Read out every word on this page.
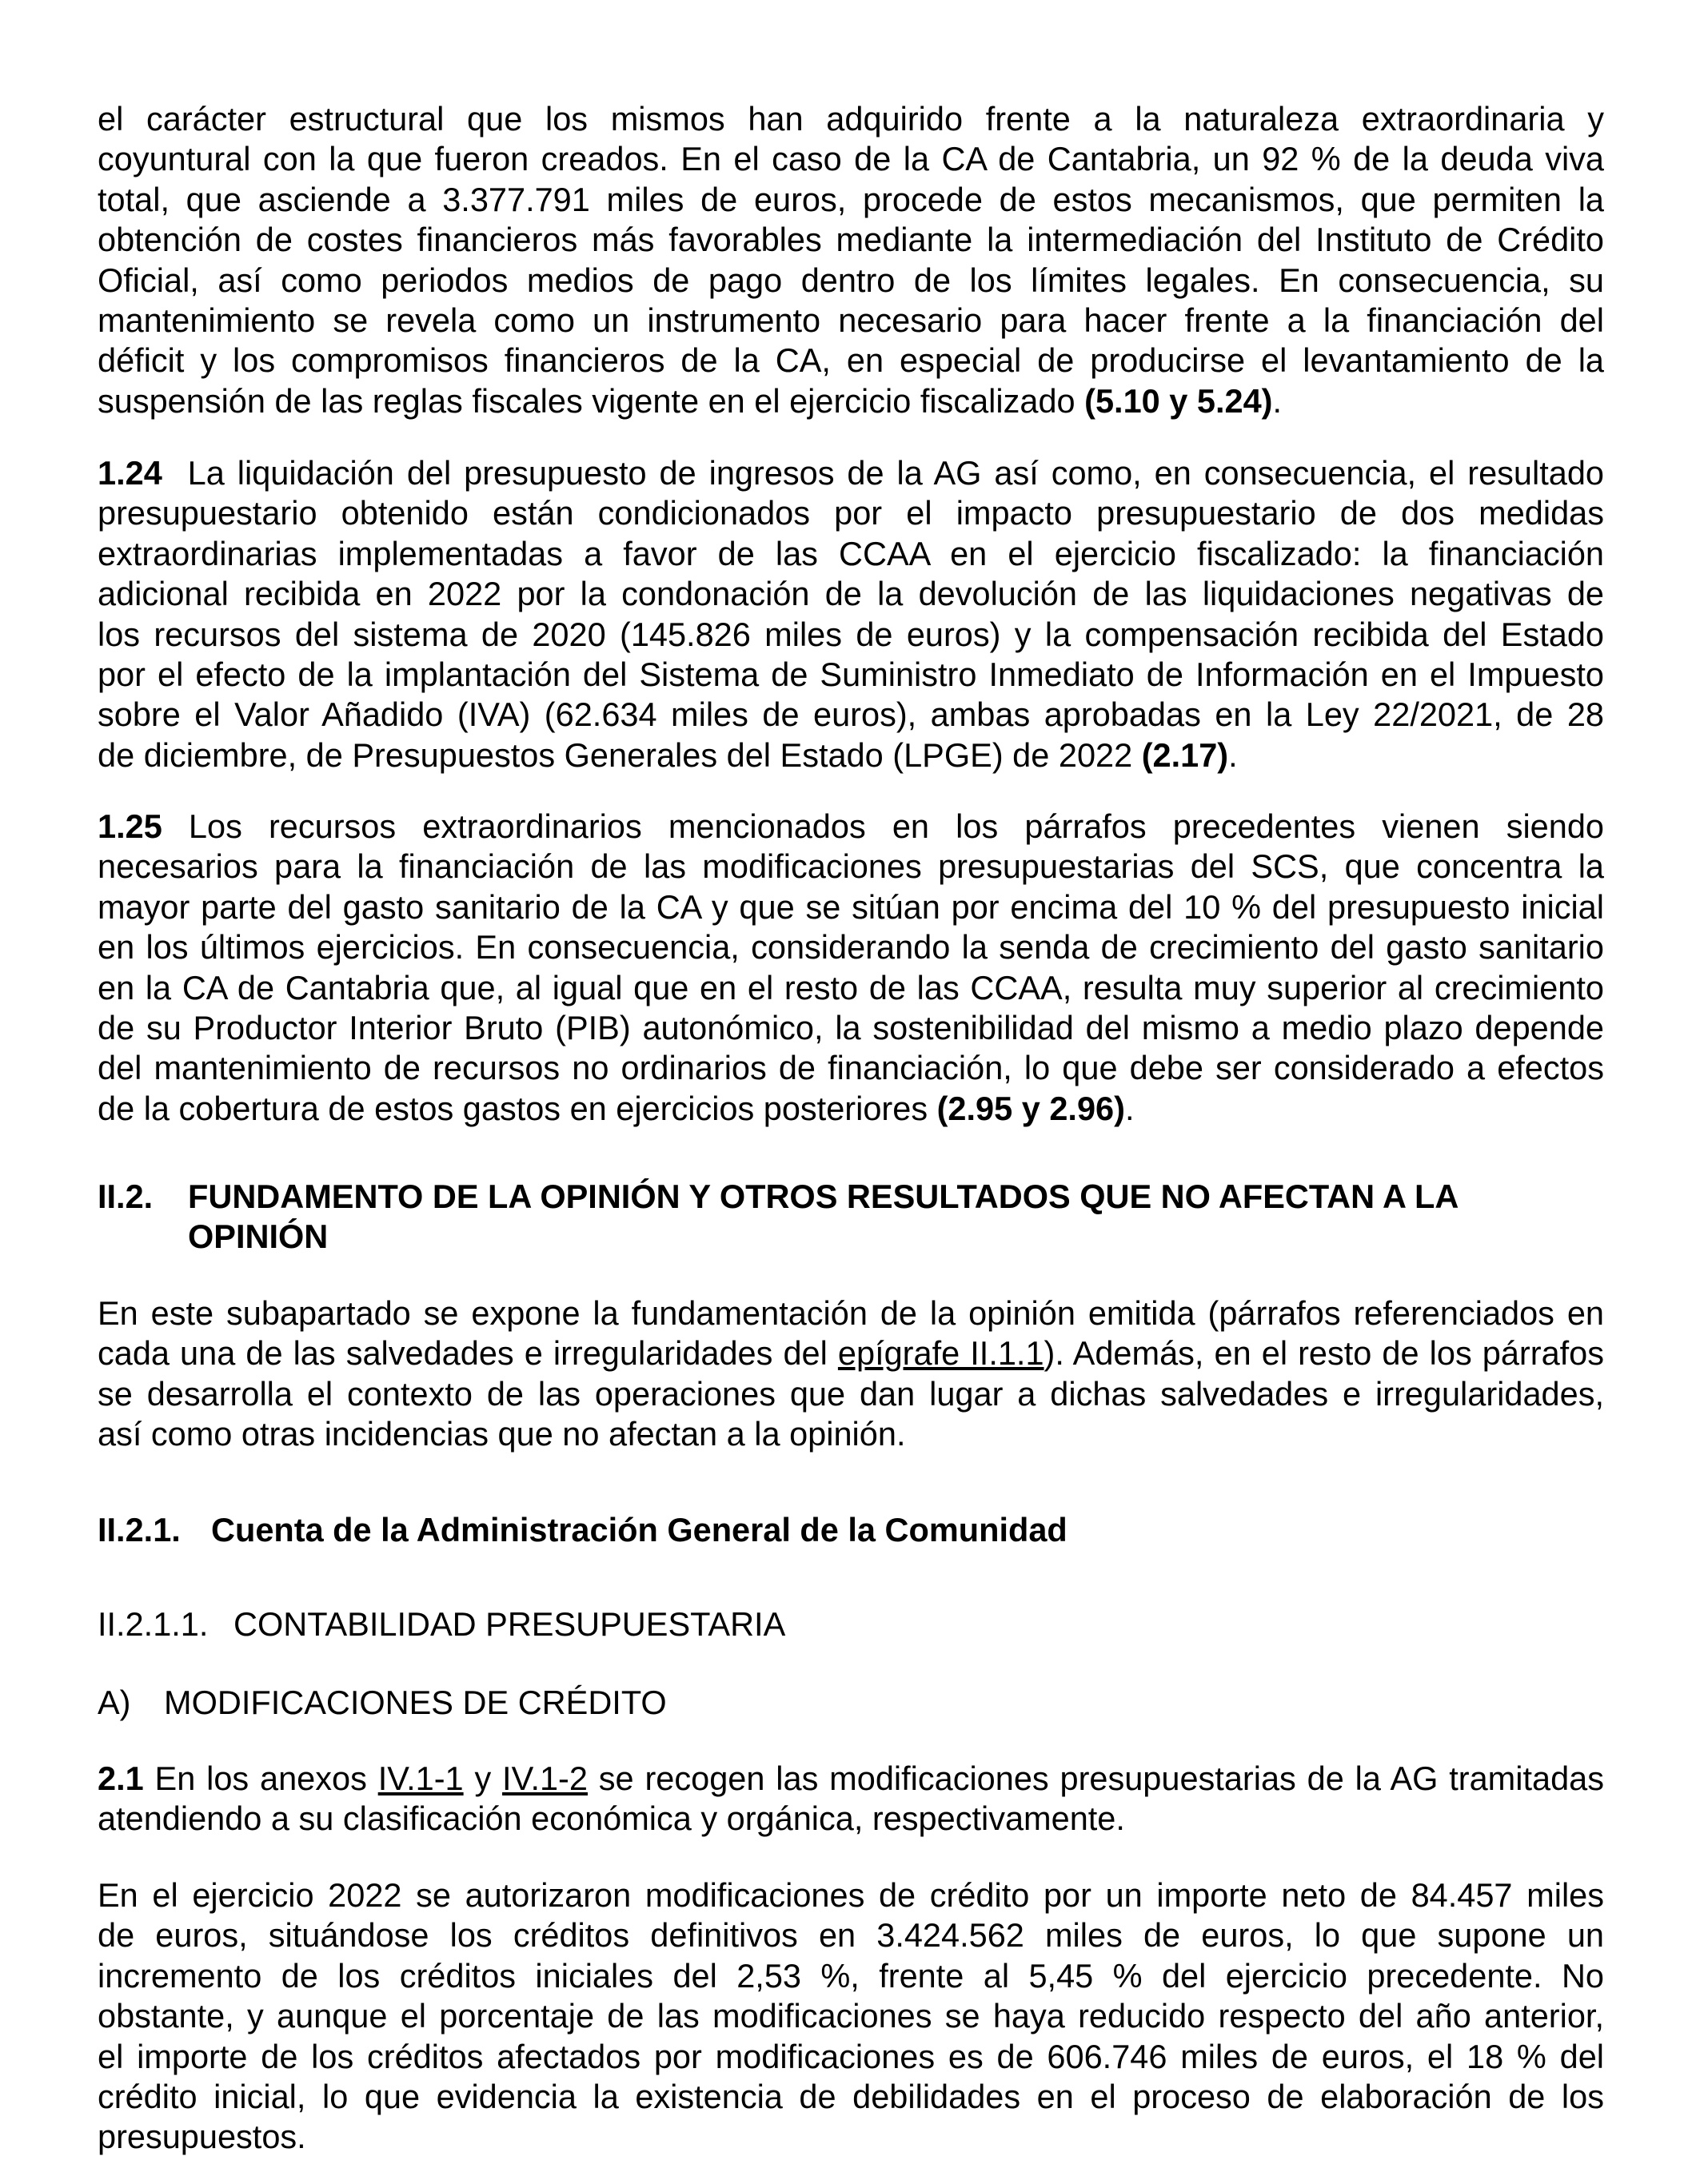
el carácter estructural que los mismos han adquirido frente a la naturaleza extraordinaria y
coyuntural con la que fueron creados. En el caso de la CA de Cantabria, un 92 % de la deuda viva
total, que asciende a 3.377.791 miles de euros, procede de estos mecanismos, que permiten la
obtención de costes financieros más favorables mediante la intermediación del Instituto de Crédito
Oficial, así como periodos medios de pago dentro de los límites legales. En consecuencia, su
mantenimiento se revela como un instrumento necesario para hacer frente a la financiación del
déficit y los compromisos financieros de la CA, en especial de producirse el levantamiento de la
suspensión de las reglas fiscales vigente en el ejercicio fiscalizado (5.10 y 5.24).
1.24  La liquidación del presupuesto de ingresos de la AG así como, en consecuencia, el resultado
presupuestario obtenido están condicionados por el impacto presupuestario de dos medidas
extraordinarias implementadas a favor de las CCAA en el ejercicio fiscalizado: la financiación
adicional recibida en 2022 por la condonación de la devolución de las liquidaciones negativas de
los recursos del sistema de 2020 (145.826 miles de euros) y la compensación recibida del Estado
por el efecto de la implantación del Sistema de Suministro Inmediato de Información en el Impuesto
sobre el Valor Añadido (IVA) (62.634 miles de euros), ambas aprobadas en la Ley 22/2021, de 28
de diciembre, de Presupuestos Generales del Estado (LPGE) de 2022 (2.17).
1.25 Los recursos extraordinarios mencionados en los párrafos precedentes vienen siendo
necesarios para la financiación de las modificaciones presupuestarias del SCS, que concentra la
mayor parte del gasto sanitario de la CA y que se sitúan por encima del 10 % del presupuesto inicial
en los últimos ejercicios. En consecuencia, considerando la senda de crecimiento del gasto sanitario
en la CA de Cantabria que, al igual que en el resto de las CCAA, resulta muy superior al crecimiento
de su Productor Interior Bruto (PIB) autonómico, la sostenibilidad del mismo a medio plazo depende
del mantenimiento de recursos no ordinarios de financiación, lo que debe ser considerado a efectos
de la cobertura de estos gastos en ejercicios posteriores (2.95 y 2.96).
II.2. FUNDAMENTO DE LA OPINIÓN Y OTROS RESULTADOS QUE NO AFECTAN A LA OPINIÓN
En este subapartado se expone la fundamentación de la opinión emitida (párrafos referenciados en
cada una de las salvedades e irregularidades del epígrafe II.1.1). Además, en el resto de los párrafos
se desarrolla el contexto de las operaciones que dan lugar a dichas salvedades e irregularidades,
así como otras incidencias que no afectan a la opinión.
II.2.1. Cuenta de la Administración General de la Comunidad
II.2.1.1. CONTABILIDAD PRESUPUESTARIA
A) MODIFICACIONES DE CRÉDITO
2.1 En los anexos IV.1-1 y IV.1-2 se recogen las modificaciones presupuestarias de la AG tramitadas
atendiendo a su clasificación económica y orgánica, respectivamente.
En el ejercicio 2022 se autorizaron modificaciones de crédito por un importe neto de 84.457 miles
de euros, situándose los créditos definitivos en 3.424.562 miles de euros, lo que supone un
incremento de los créditos iniciales del 2,53 %, frente al 5,45 % del ejercicio precedente. No
obstante, y aunque el porcentaje de las modificaciones se haya reducido respecto del año anterior,
el importe de los créditos afectados por modificaciones es de 606.746 miles de euros, el 18 % del
crédito inicial, lo que evidencia la existencia de debilidades en el proceso de elaboración de los
presupuestos.
